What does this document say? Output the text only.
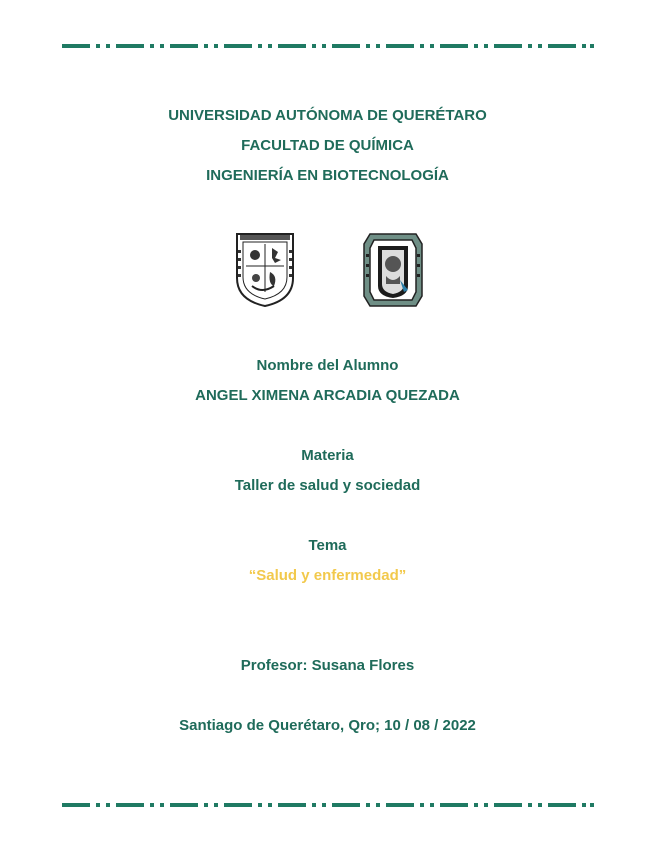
UNIVERSIDAD AUTÓNOMA DE QUERÉTARO
FACULTAD DE QUÍMICA
INGENIERÍA EN BIOTECNOLOGÍA
Nombre del Alumno
ANGEL XIMENA ARCADIA QUEZADA
Materia
Taller de salud y sociedad
Tema
“Salud y enfermedad”
Profesor: Susana Flores
Santiago de Querétaro, Qro; 10 / 08 / 2022
